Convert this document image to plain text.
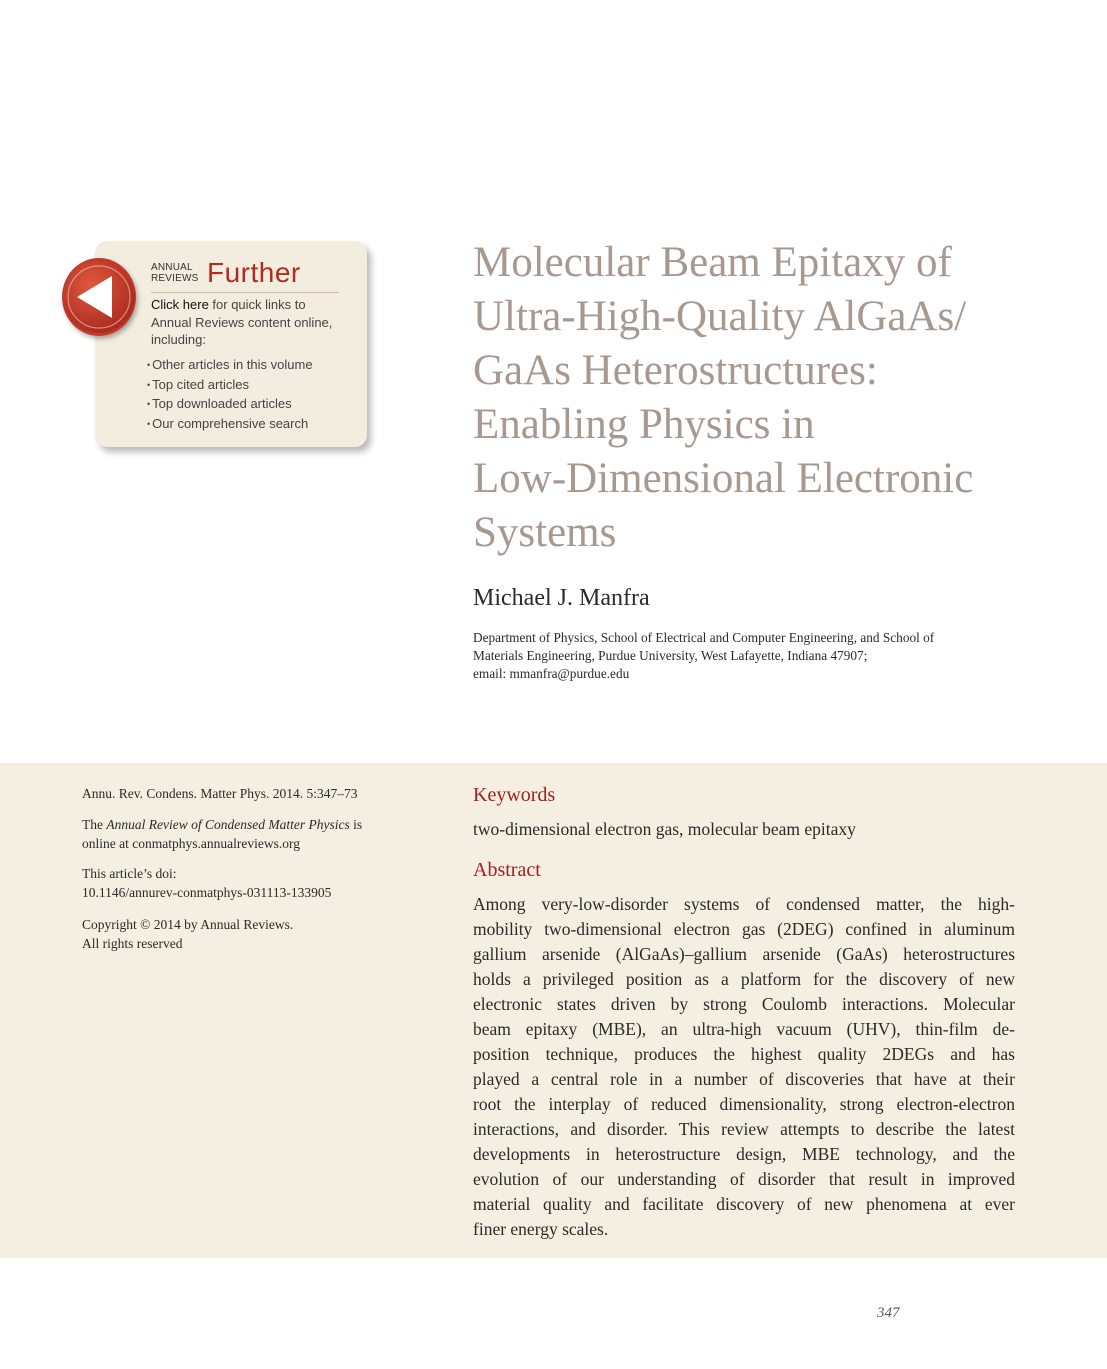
ANNUAL
REVIEWS Further
Click here for quick links to
Annual Reviews content online,
including:
• Other articles in this volume
• Top cited articles
• Top downloaded articles
• Our comprehensive search
Molecular Beam Epitaxy of
Ultra-High-Quality AlGaAs/
GaAs Heterostructures:
Enabling Physics in
Low-Dimensional Electronic
Systems
Michael J. Manfra
Department of Physics, School of Electrical and Computer Engineering, and School of
Materials Engineering, Purdue University, West Lafayette, Indiana 47907;
email: mmanfra@purdue.edu
Annu. Rev. Condens. Matter Phys. 2014. 5:347–73
The Annual Review of Condensed Matter Physics is
online at conmatphys.annualreviews.org
This article’s doi:
10.1146/annurev-conmatphys-031113-133905
Copyright © 2014 by Annual Reviews.
All rights reserved
Keywords
two-dimensional electron gas, molecular beam epitaxy
Abstract
Among very-low-disorder systems of condensed matter, the high-
mobility two-dimensional electron gas (2DEG) confined in aluminum
gallium arsenide (AlGaAs)–gallium arsenide (GaAs) heterostructures
holds a privileged position as a platform for the discovery of new
electronic states driven by strong Coulomb interactions. Molecular
beam epitaxy (MBE), an ultra-high vacuum (UHV), thin-film de-
position technique, produces the highest quality 2DEGs and has
played a central role in a number of discoveries that have at their
root the interplay of reduced dimensionality, strong electron-electron
interactions, and disorder. This review attempts to describe the latest
developments in heterostructure design, MBE technology, and the
evolution of our understanding of disorder that result in improved
material quality and facilitate discovery of new phenomena at ever
finer energy scales.
347
